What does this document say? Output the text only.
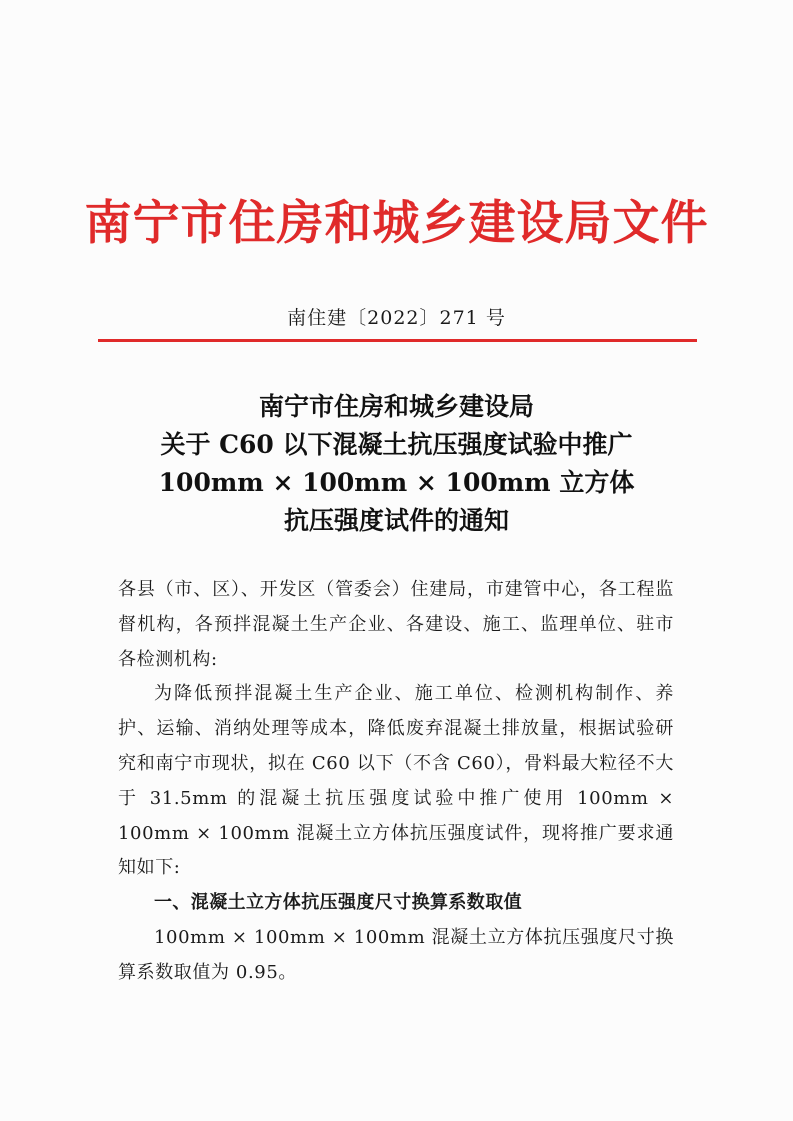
南宁市住房和城乡建设局文件
南住建〔2022〕271 号
南宁市住房和城乡建设局
关于 C60 以下混凝土抗压强度试验中推广
100mm × 100mm × 100mm 立方体
抗压强度试件的通知

各县（市、区）、开发区（管委会）住建局，市建管中心，各工程监督机构，各预拌混凝土生产企业、各建设、施工、监理单位、驻市各检测机构:

为降低预拌混凝土生产企业、施工单位、检测机构制作、养护、运输、消纳处理等成本，降低废弃混凝土排放量，根据试验研究和南宁市现状，拟在 C60 以下（不含 C60），骨料最大粒径不大于 31.5mm 的混凝土抗压强度试验中推广使用 100mm × 100mm × 100mm 混凝土立方体抗压强度试件，现将推广要求通知如下:

一、混凝土立方体抗压强度尺寸换算系数取值

100mm × 100mm × 100mm 混凝土立方体抗压强度尺寸换算系数取值为 0.95。
